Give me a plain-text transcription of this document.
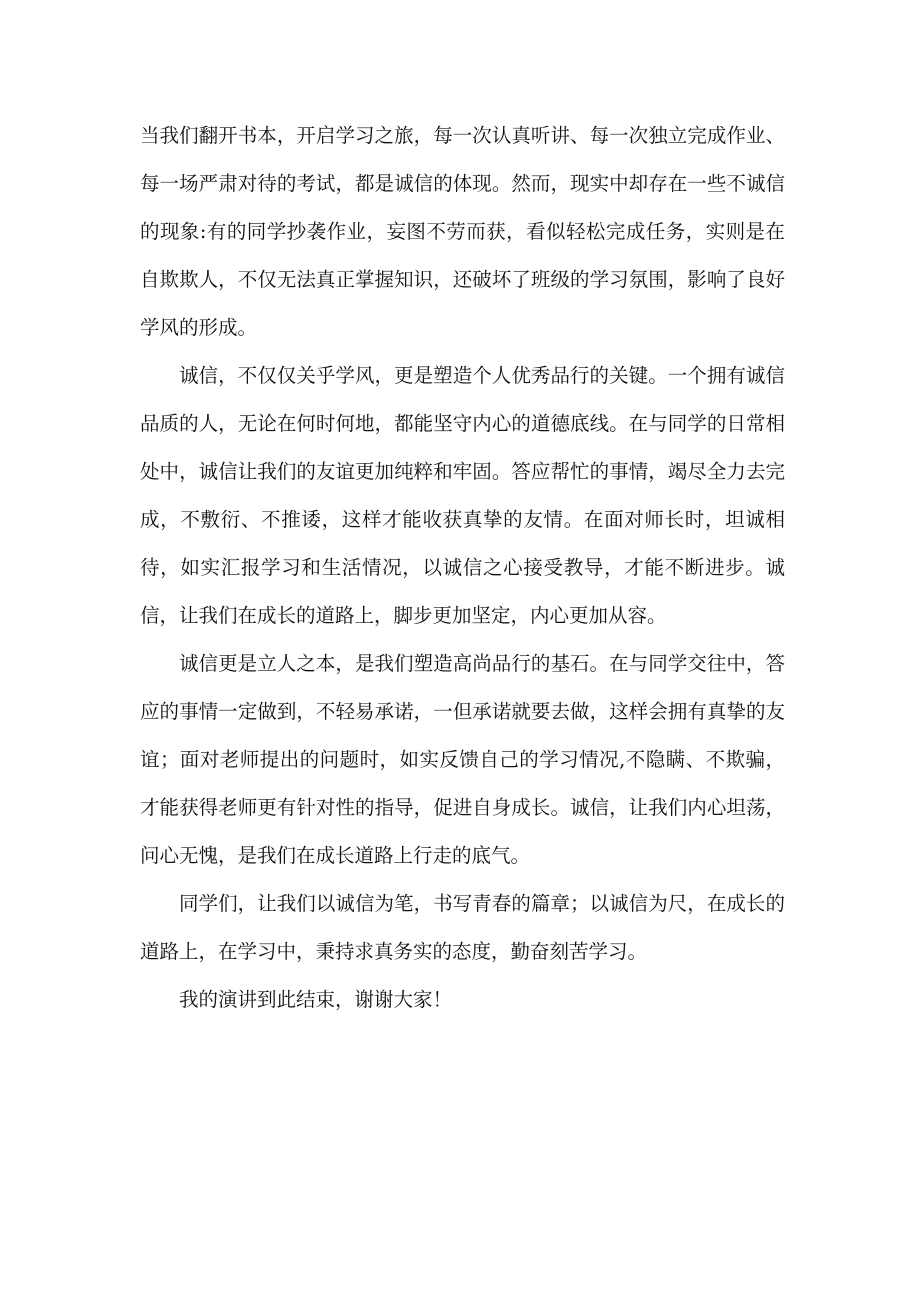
当我们翻开书本，开启学习之旅，每一次认真听讲、每一次独立完成作业、每一场严肃对待的考试，都是诚信的体现。然而，现实中却存在一些不诚信的现象:有的同学抄袭作业，妄图不劳而获，看似轻松完成任务，实则是在自欺欺人，不仅无法真正掌握知识，还破坏了班级的学习氛围，影响了良好学风的形成。

诚信，不仅仅关乎学风，更是塑造个人优秀品行的关键。一个拥有诚信品质的人，无论在何时何地，都能坚守内心的道德底线。在与同学的日常相处中，诚信让我们的友谊更加纯粹和牢固。答应帮忙的事情，竭尽全力去完成，不敷衍、不推诿，这样才能收获真挚的友情。在面对师长时，坦诚相待，如实汇报学习和生活情况，以诚信之心接受教导，才能不断进步。诚信，让我们在成长的道路上，脚步更加坚定，内心更加从容。

诚信更是立人之本，是我们塑造高尚品行的基石。在与同学交往中，答应的事情一定做到，不轻易承诺，一但承诺就要去做，这样会拥有真挚的友谊；面对老师提出的问题时，如实反馈自己的学习情况,不隐瞒、不欺骗，才能获得老师更有针对性的指导，促进自身成长。诚信，让我们内心坦荡，问心无愧，是我们在成长道路上行走的底气。

同学们，让我们以诚信为笔，书写青春的篇章；以诚信为尺，在成长的道路上，在学习中，秉持求真务实的态度，勤奋刻苦学习。

我的演讲到此结束，谢谢大家！
